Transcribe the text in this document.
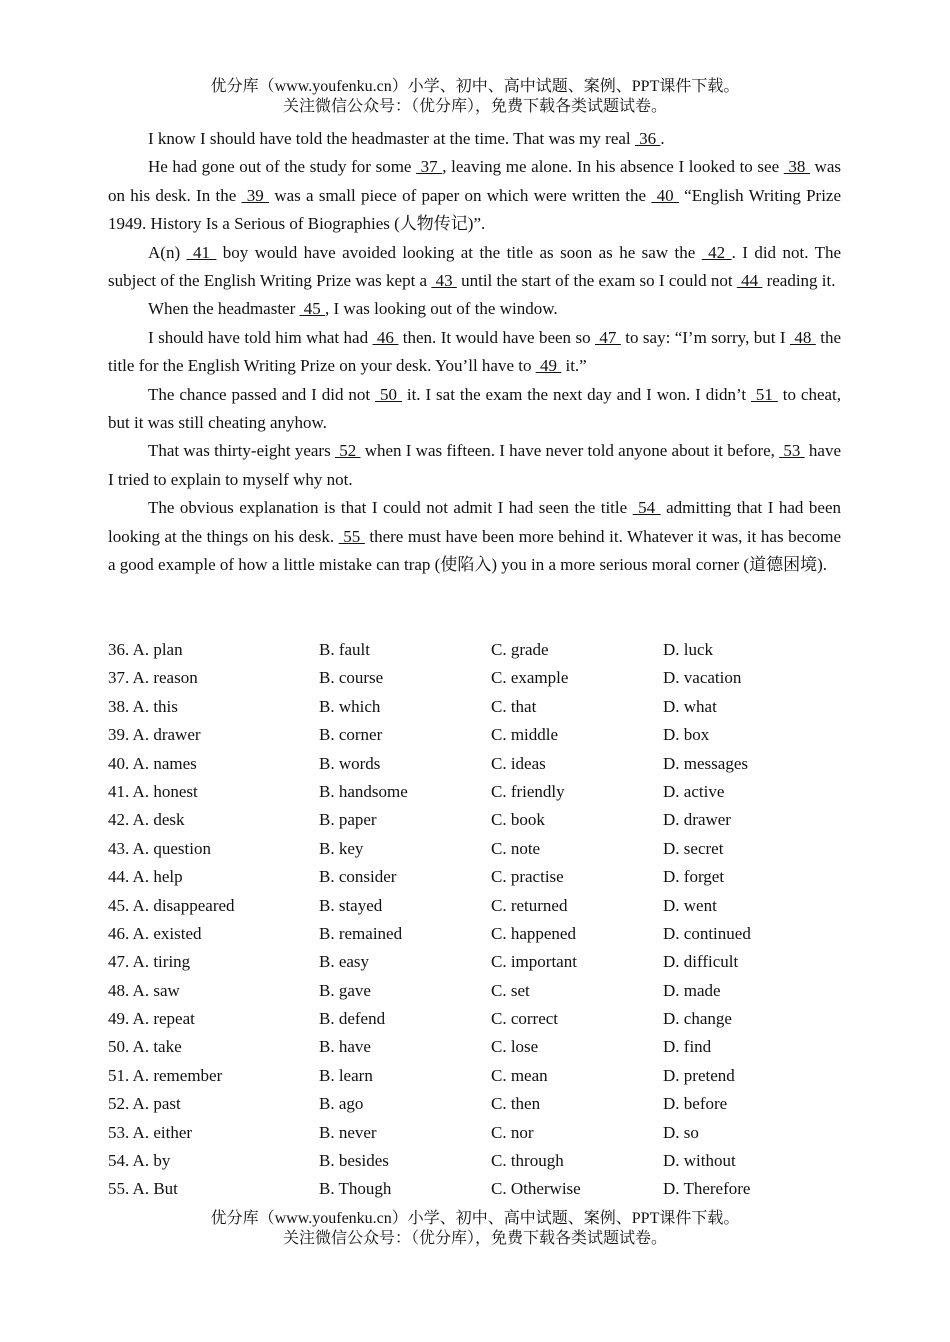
优分库（www.youfenku.cn）小学、初中、高中试题、案例、PPT课件下载。
关注微信公众号：（优分库），免费下载各类试题试卷。

I know I should have told the headmaster at the time. That was my real  36 .

He had gone out of the study for some  37 , leaving me alone. In his absence I looked to see  38  was on his desk. In the  39  was a small piece of paper on which were written the  40  “English Writing Prize 1949. History Is a Serious of Biographies (人物传记)”.

A(n)  41  boy would have avoided looking at the title as soon as he saw the  42 . I did not. The subject of the English Writing Prize was kept a  43  until the start of the exam so I could not  44  reading it.

When the headmaster  45 , I was looking out of the window.

I should have told him what had  46  then. It would have been so  47  to say: “I’m sorry, but I  48  the title for the English Writing Prize on your desk. You’ll have to  49  it.”

The chance passed and I did not  50  it. I sat the exam the next day and I won. I didn’t  51  to cheat, but it was still cheating anyhow.

That was thirty-eight years  52  when I was fifteen. I have never told anyone about it before,  53  have I tried to explain to myself why not.

The obvious explanation is that I could not admit I had seen the title  54  admitting that I had been looking at the things on his desk.  55  there must have been more behind it. Whatever it was, it has become a good example of how a little mistake can trap (使陷入) you in a more serious moral corner (道德困境).

36. A. plan	B. fault	C. grade	D. luck
37. A. reason	B. course	C. example	D. vacation
38. A. this	B. which	C. that	D. what
39. A. drawer	B. corner	C. middle	D. box
40. A. names	B. words	C. ideas	D. messages
41. A. honest	B. handsome	C. friendly	D. active
42. A. desk	B. paper	C. book	D. drawer
43. A. question	B. key	C. note	D. secret
44. A. help	B. consider	C. practise	D. forget
45. A. disappeared	B. stayed	C. returned	D. went
46. A. existed	B. remained	C. happened	D. continued
47. A. tiring	B. easy	C. important	D. difficult
48. A. saw	B. gave	C. set	D. made
49. A. repeat	B. defend	C. correct	D. change
50. A. take	B. have	C. lose	D. find
51. A. remember	B. learn	C. mean	D. pretend
52. A. past	B. ago	C. then	D. before
53. A. either	B. never	C. nor	D. so
54. A. by	B. besides	C. through	D. without
55. A. But	B. Though	C. Otherwise	D. Therefore
优分库（www.youfenku.cn）小学、初中、高中试题、案例、PPT课件下载。
关注微信公众号：（优分库），免费下载各类试题试卷。
